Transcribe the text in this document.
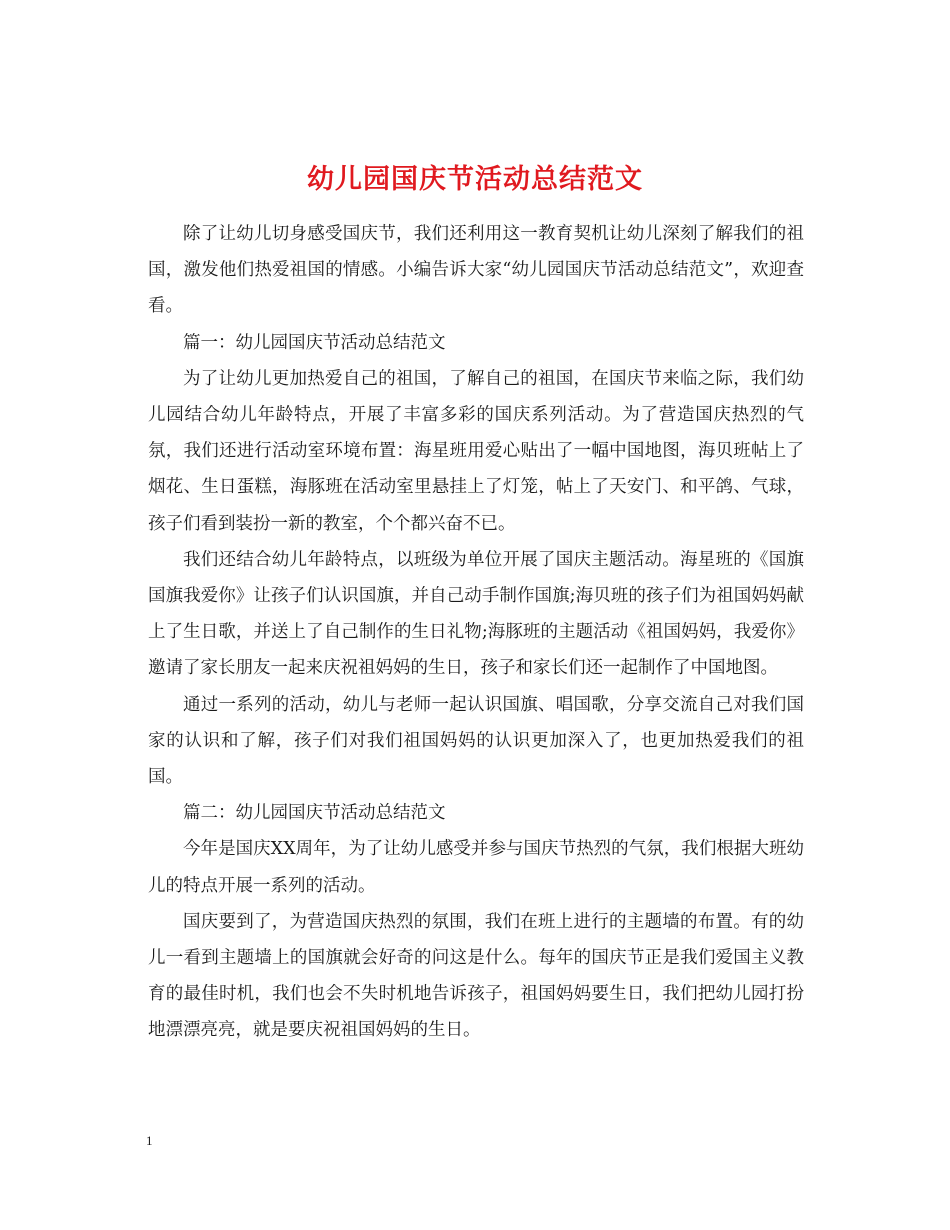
幼儿园国庆节活动总结范文

除了让幼儿切身感受国庆节，我们还利用这一教育契机让幼儿深刻了解我们的祖国，激发他们热爱祖国的情感。小编告诉大家“幼儿园国庆节活动总结范文”，欢迎查看。

篇一：幼儿园国庆节活动总结范文

为了让幼儿更加热爱自己的祖国，了解自己的祖国，在国庆节来临之际，我们幼儿园结合幼儿年龄特点，开展了丰富多彩的国庆系列活动。为了营造国庆热烈的气氛，我们还进行活动室环境布置：海星班用爱心贴出了一幅中国地图，海贝班帖上了烟花、生日蛋糕，海豚班在活动室里悬挂上了灯笼，帖上了天安门、和平鸽、气球，孩子们看到装扮一新的教室，个个都兴奋不已。

我们还结合幼儿年龄特点，以班级为单位开展了国庆主题活动。海星班的《国旗国旗我爱你》让孩子们认识国旗，并自己动手制作国旗;海贝班的孩子们为祖国妈妈献上了生日歌，并送上了自己制作的生日礼物;海豚班的主题活动《祖国妈妈，我爱你》邀请了家长朋友一起来庆祝祖妈妈的生日，孩子和家长们还一起制作了中国地图。

通过一系列的活动，幼儿与老师一起认识国旗、唱国歌，分享交流自己对我们国家的认识和了解，孩子们对我们祖国妈妈的认识更加深入了，也更加热爱我们的祖国。

篇二：幼儿园国庆节活动总结范文

今年是国庆XX周年，为了让幼儿感受并参与国庆节热烈的气氛，我们根据大班幼儿的特点开展一系列的活动。

国庆要到了，为营造国庆热烈的氛围，我们在班上进行的主题墙的布置。有的幼儿一看到主题墙上的国旗就会好奇的问这是什么。每年的国庆节正是我们爱国主义教育的最佳时机，我们也会不失时机地告诉孩子，祖国妈妈要生日，我们把幼儿园打扮地漂漂亮亮，就是要庆祝祖国妈妈的生日。

1
